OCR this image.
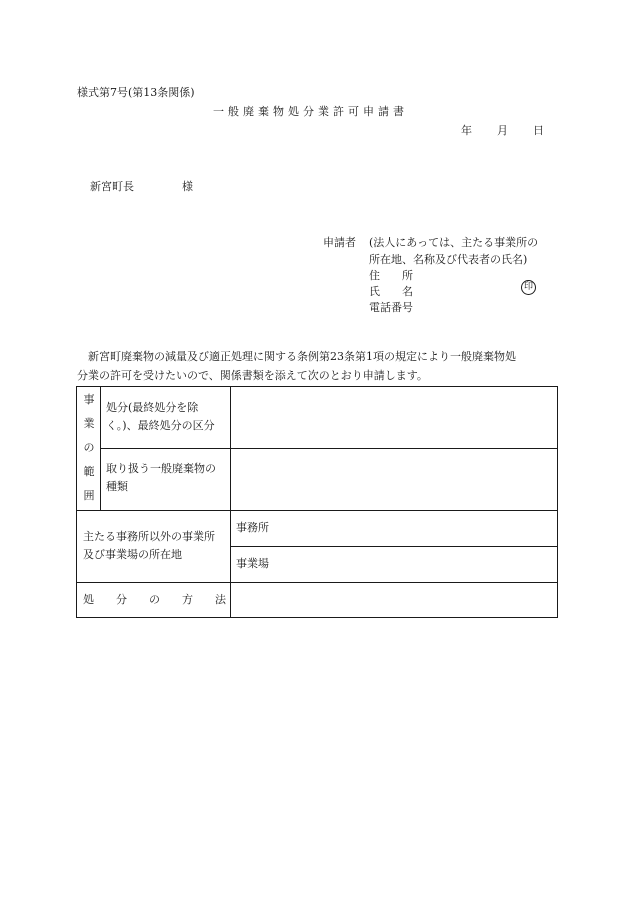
様式第7号(第13条関係)
一般廃棄物処分業許可申請書
年 月 日
新宮町長	様
申請者 (法人にあっては、主たる事業所の
所在地、名称及び代表者の氏名)
住　　所
氏　　名	印
電話番号
　新宮町廃棄物の減量及び適正処理に関する条例第23条第1項の規定により一般廃棄物処
分業の許可を受けたいので、関係書類を添えて次のとおり申請します。
事
業
の
範
囲
処分(最終処分を除
く。)、最終処分の区分
取り扱う一般廃棄物の
種類
主たる事務所以外の事業所
及び事業場の所在地
事務所
事業場
処　　分　　の　　方　　法
